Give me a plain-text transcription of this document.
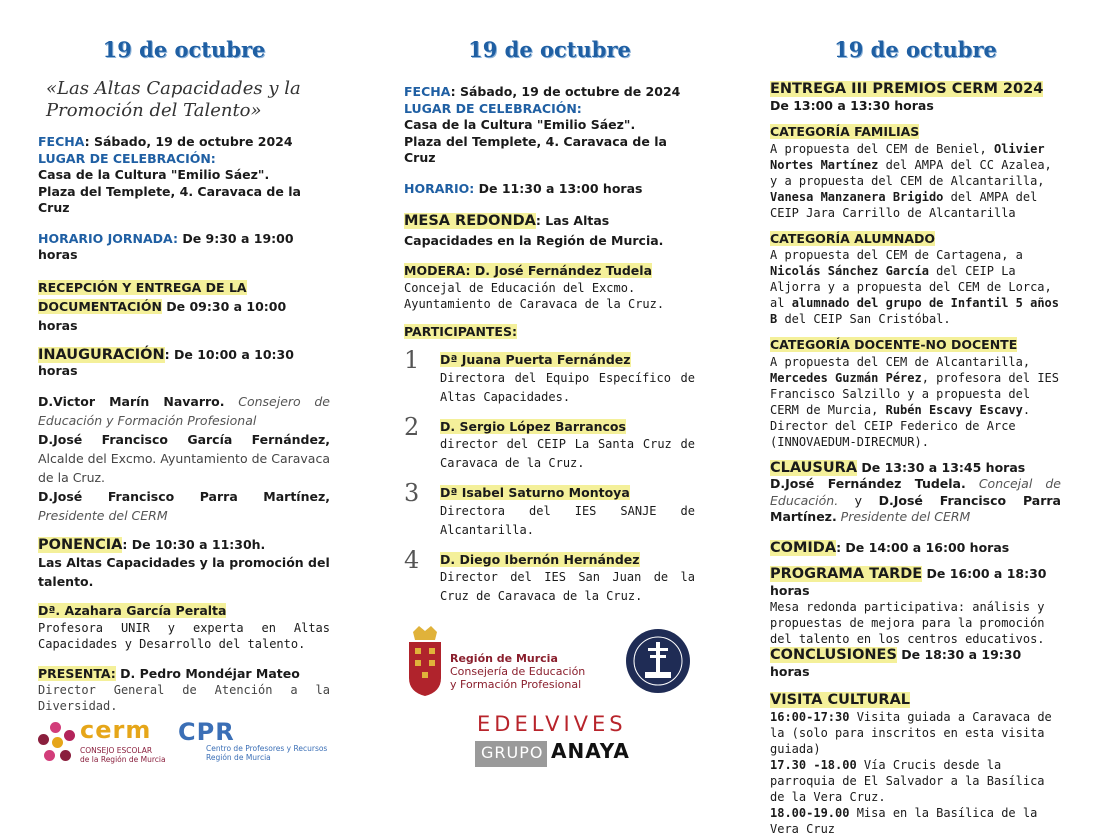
19 de octubre
«Las Altas Capacidades y la Promoción del Talento»

FECHA: Sábado, 19 de octubre 2024

LUGAR DE CELEBRACIÓN:

Casa de la Cultura "Emilio Sáez".

Plaza del Templete, 4. Caravaca de la Cruz

HORARIO JORNADA: De 9:30 a 19:00 horas

RECEPCIÓN Y ENTREGA DE LA
DOCUMENTACIÓN De 09:30 a 10:00 horas

INAUGURACIÓN: De 10:00 a 10:30 horas

D.Victor Marín Navarro. Consejero de Educación y Formación Profesional
D.José Francisco García Fernández, Alcalde del Excmo. Ayuntamiento de Caravaca de la Cruz.
D.José Francisco Parra Martínez, Presidente del CERM

PONENCIA: De 10:30 a 11:30h.

Las Altas Capacidades y la promoción del talento.

Dª. Azahara García Peralta

Profesora UNIR y experta en Altas Capacidades y Desarrollo del talento.

PRESENTA: D. Pedro Mondéjar Mateo

Director General de Atención a la Diversidad.

19 de octubre

FECHA: Sábado, 19 de octubre de 2024

LUGAR DE CELEBRACIÓN:

Casa de la Cultura "Emilio Sáez".

Plaza del Templete, 4. Caravaca de la Cruz

HORARIO: De 11:30 a 13:00 horas

MESA REDONDA: Las Altas Capacidades en la Región de Murcia.

MODERA: D. José Fernández Tudela

Concejal de Educación del Excmo. Ayuntamiento de Caravaca de la Cruz.

PARTICIPANTES:

1 Dª Juana Puerta Fernández

Directora del Equipo Específico de Altas Capacidades.

2 D. Sergio López Barrancos

director del CEIP La Santa Cruz de Caravaca de la Cruz.

3 Dª Isabel Saturno Montoya

Directora del IES SANJE de Alcantarilla.

4 D. Diego Ibernón Hernández

Director del IES San Juan de la Cruz de Caravaca de la Cruz.

19 de octubre

ENTREGA III PREMIOS CERM 2024

De 13:00 a 13:30 horas

CATEGORÍA FAMILIAS

A propuesta del CEM de Beniel, Olivier Nortes Martínez del AMPA del CC Azalea, y a propuesta del CEM de Alcantarilla, Vanesa Manzanera Brigido del AMPA del CEIP Jara Carrillo de Alcantarilla

CATEGORÍA ALUMNADO

A propuesta del CEM de Cartagena, a Nicolás Sánchez García del CEIP La Aljorra y a propuesta del CEM de Lorca, al alumnado del grupo de Infantil 5 años B del CEIP San Cristóbal.

CATEGORÍA DOCENTE-NO DOCENTE

A propuesta del CEM de Alcantarilla, Mercedes Guzmán Pérez, profesora del IES Francisco Salzillo y a propuesta del CERM de Murcia, Rubén Escavy Escavy. Director del CEIP Federico de Arce (INNOVAEDUM-DIRECMUR).

CLAUSURA De 13:30 a 13:45 horas

D.José Fernández Tudela. Concejal de Educación. y D.José Francisco Parra Martínez. Presidente del CERM

COMIDA: De 14:00 a 16:00 horas

PROGRAMA TARDE De 16:00 a 18:30 horas

Mesa redonda participativa: análisis y propuestas de mejora para la promoción del talento en los centros educativos.

CONCLUSIONES De 18:30 a 19:30 horas

VISITA CULTURAL

16:00-17:30 Visita guiada a Caravaca de la (solo para inscritos en esta visita guiada)

17.30 -18.00 Vía Crucis desde la parroquia de El Salvador a la Basílica de la Vera Cruz.

18.00-19.00 Misa en la Basílica de la Vera Cruz

cerm
CONSEJO ESCOLAR
de la Región de Murcia
CPR
Centro de Profesores y Recursos
Región de Murcia
Región de Murcia
Consejería de Educación
y Formación Profesional
EDELVIVES
GRUPO ANAYA
